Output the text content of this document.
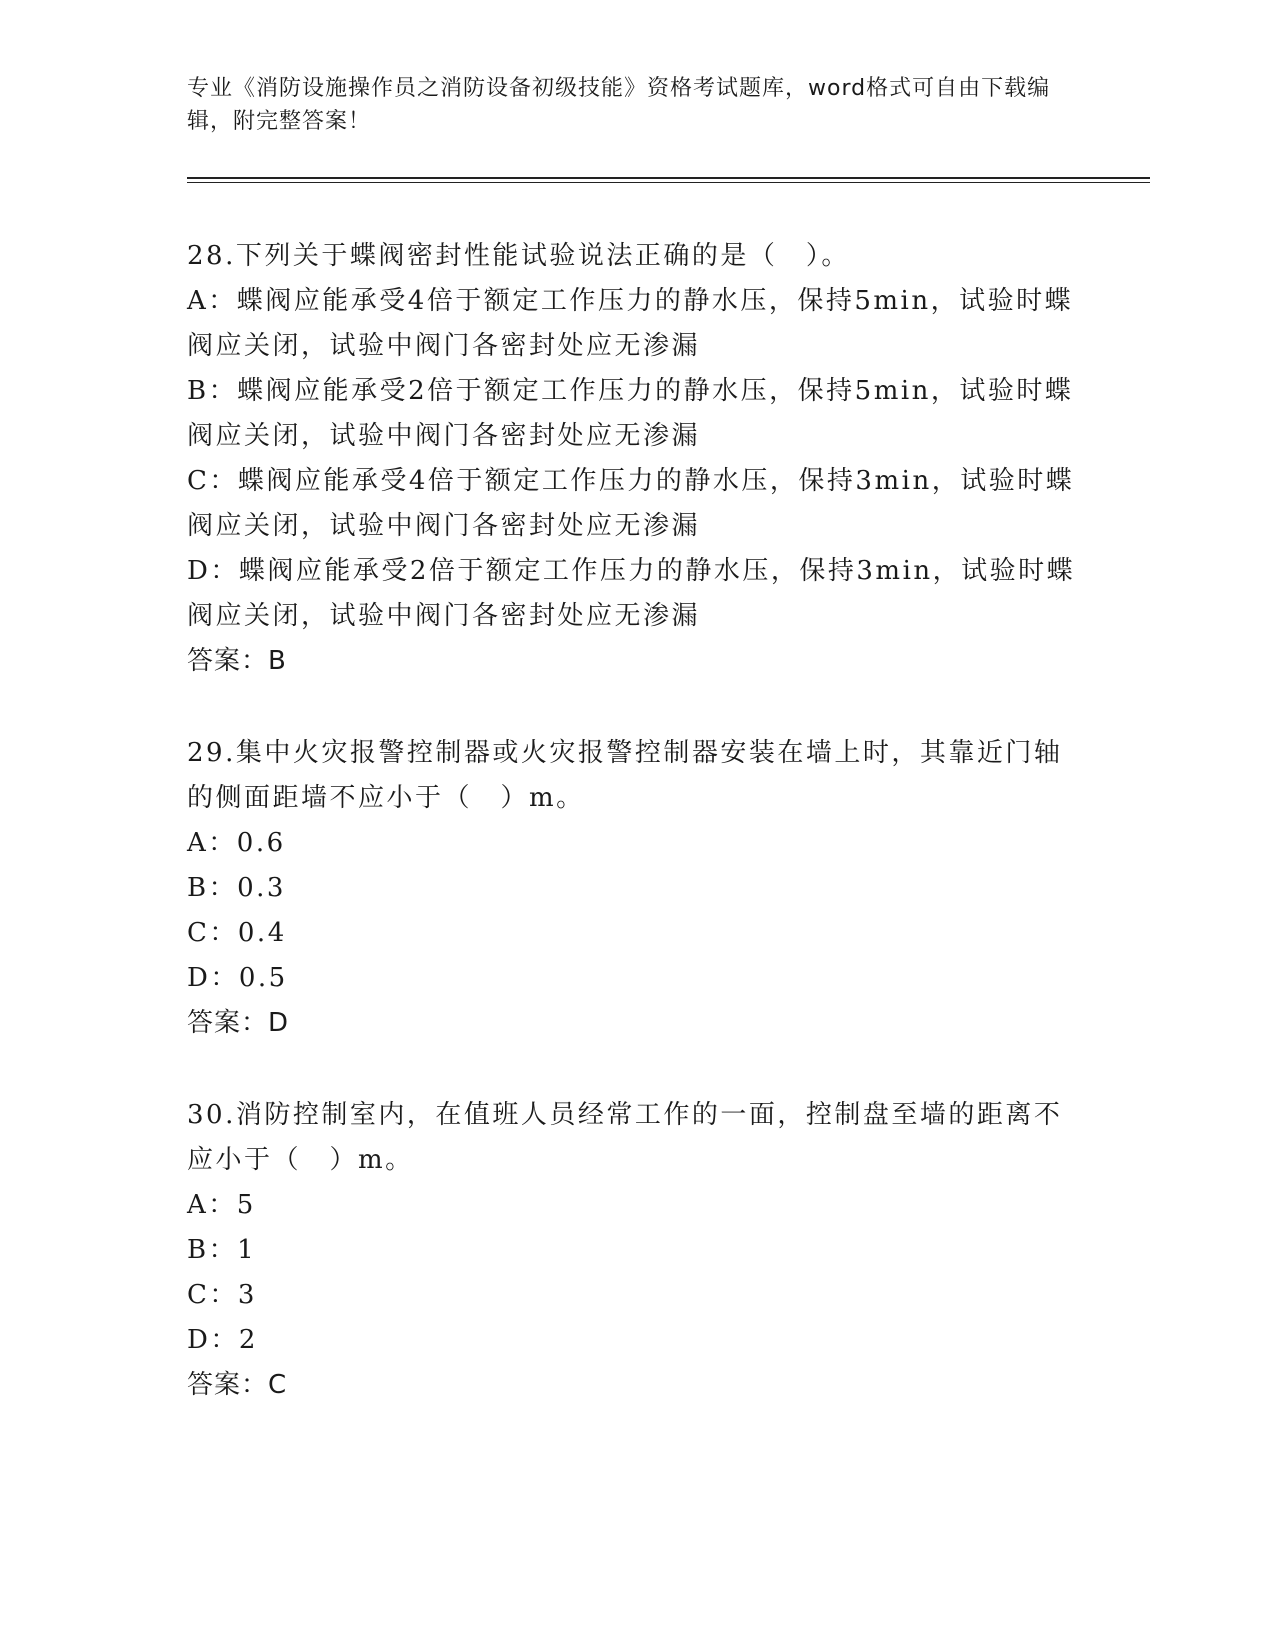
专业《消防设施操作员之消防设备初级技能》资格考试题库，word格式可自由下载编辑，附完整答案！

28.下列关于蝶阀密封性能试验说法正确的是（　）。

A：蝶阀应能承受4倍于额定工作压力的静水压，保持5min，试验时蝶阀应关闭，试验中阀门各密封处应无渗漏

B：蝶阀应能承受2倍于额定工作压力的静水压，保持5min，试验时蝶阀应关闭，试验中阀门各密封处应无渗漏

C：蝶阀应能承受4倍于额定工作压力的静水压，保持3min，试验时蝶阀应关闭，试验中阀门各密封处应无渗漏

D：蝶阀应能承受2倍于额定工作压力的静水压，保持3min，试验时蝶阀应关闭，试验中阀门各密封处应无渗漏

答案：B

29.集中火灾报警控制器或火灾报警控制器安装在墙上时，其靠近门轴的侧面距墙不应小于（　）m。

A：0.6

B：0.3

C：0.4

D：0.5

答案：D

30.消防控制室内，在值班人员经常工作的一面，控制盘至墙的距离不应小于（　）m。

A：5

B：1

C：3

D：2

答案：C
